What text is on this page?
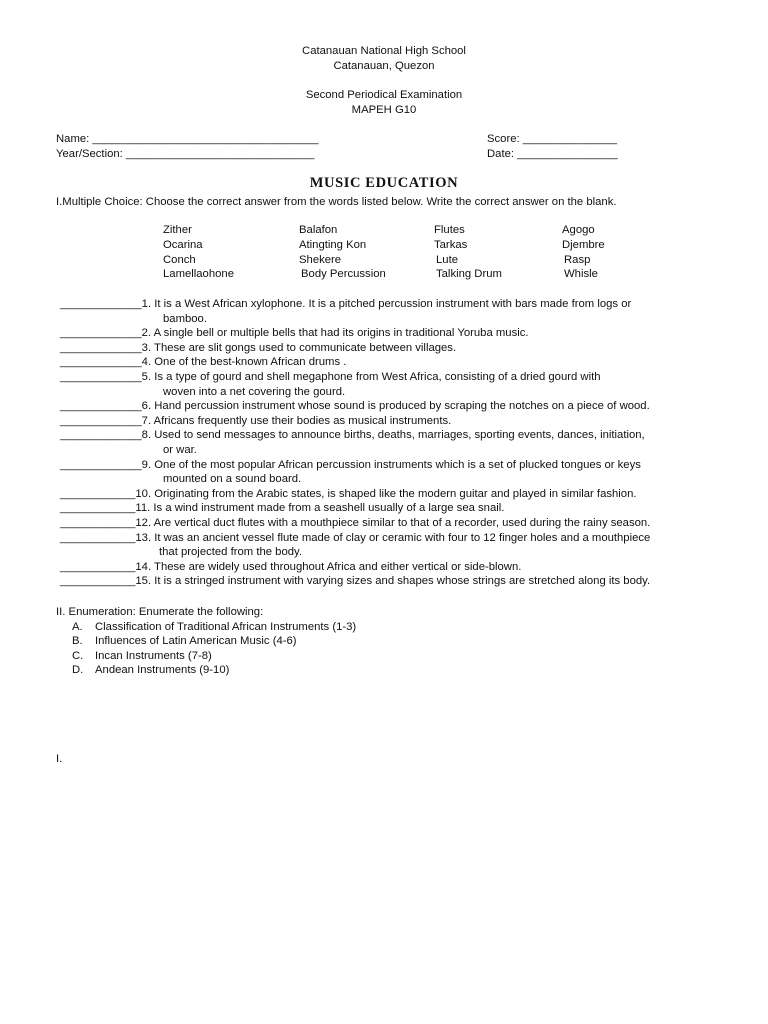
Catanauan National High School
Catanauan, Quezon
Second Periodical Examination
MAPEH G10
Name: ____________________________________	Score: _______________
Year/Section: ______________________________	Date: ________________
MUSIC EDUCATION
I.Multiple Choice: Choose the correct answer from the words listed below. Write the correct answer on the blank.
Zither	Balafon	Flutes	Agogo
Ocarina	Atingting Kon	Tarkas	Djembre
Conch	Shekere	Lute	Rasp
Lamellaohone	Body Percussion	Talking Drum	Whisle
_____________1. It is a West African xylophone. It is a pitched percussion instrument with bars made from logs or
bamboo.
_____________2. A single bell or multiple bells that had its origins in traditional Yoruba music.
_____________3. These are slit gongs used to communicate between villages.
_____________4. One of the best-known African drums .
_____________5. Is a type of gourd and shell megaphone from West Africa, consisting of a dried gourd with
woven into a net covering the gourd.
_____________6. Hand percussion instrument whose sound is produced by scraping the notches on a piece of wood.
_____________7. Africans frequently use their bodies as musical instruments.
_____________8. Used to send messages to announce births, deaths, marriages, sporting events, dances, initiation,
or war.
_____________9. One of the most popular African percussion instruments which is a set of plucked tongues or keys
mounted on a sound board.
____________10. Originating from the Arabic states, is shaped like the modern guitar and played in similar fashion.
____________11. Is a wind instrument made from a seashell usually of a large sea snail.
____________12. Are vertical duct flutes with a mouthpiece similar to that of a recorder, used during the rainy season.
____________13. It was an ancient vessel flute made of clay or ceramic with four to 12 finger holes and a mouthpiece
that projected from the body.
____________14. These are widely used throughout Africa and either vertical or side-blown.
____________15. It is a stringed instrument with varying sizes and shapes whose strings are stretched along its body.
II. Enumeration: Enumerate the following:
A. Classification of Traditional African Instruments (1-3)
B. Influences of Latin American Music (4-6)
C. Incan Instruments (7-8)
D. Andean Instruments (9-10)
I.
